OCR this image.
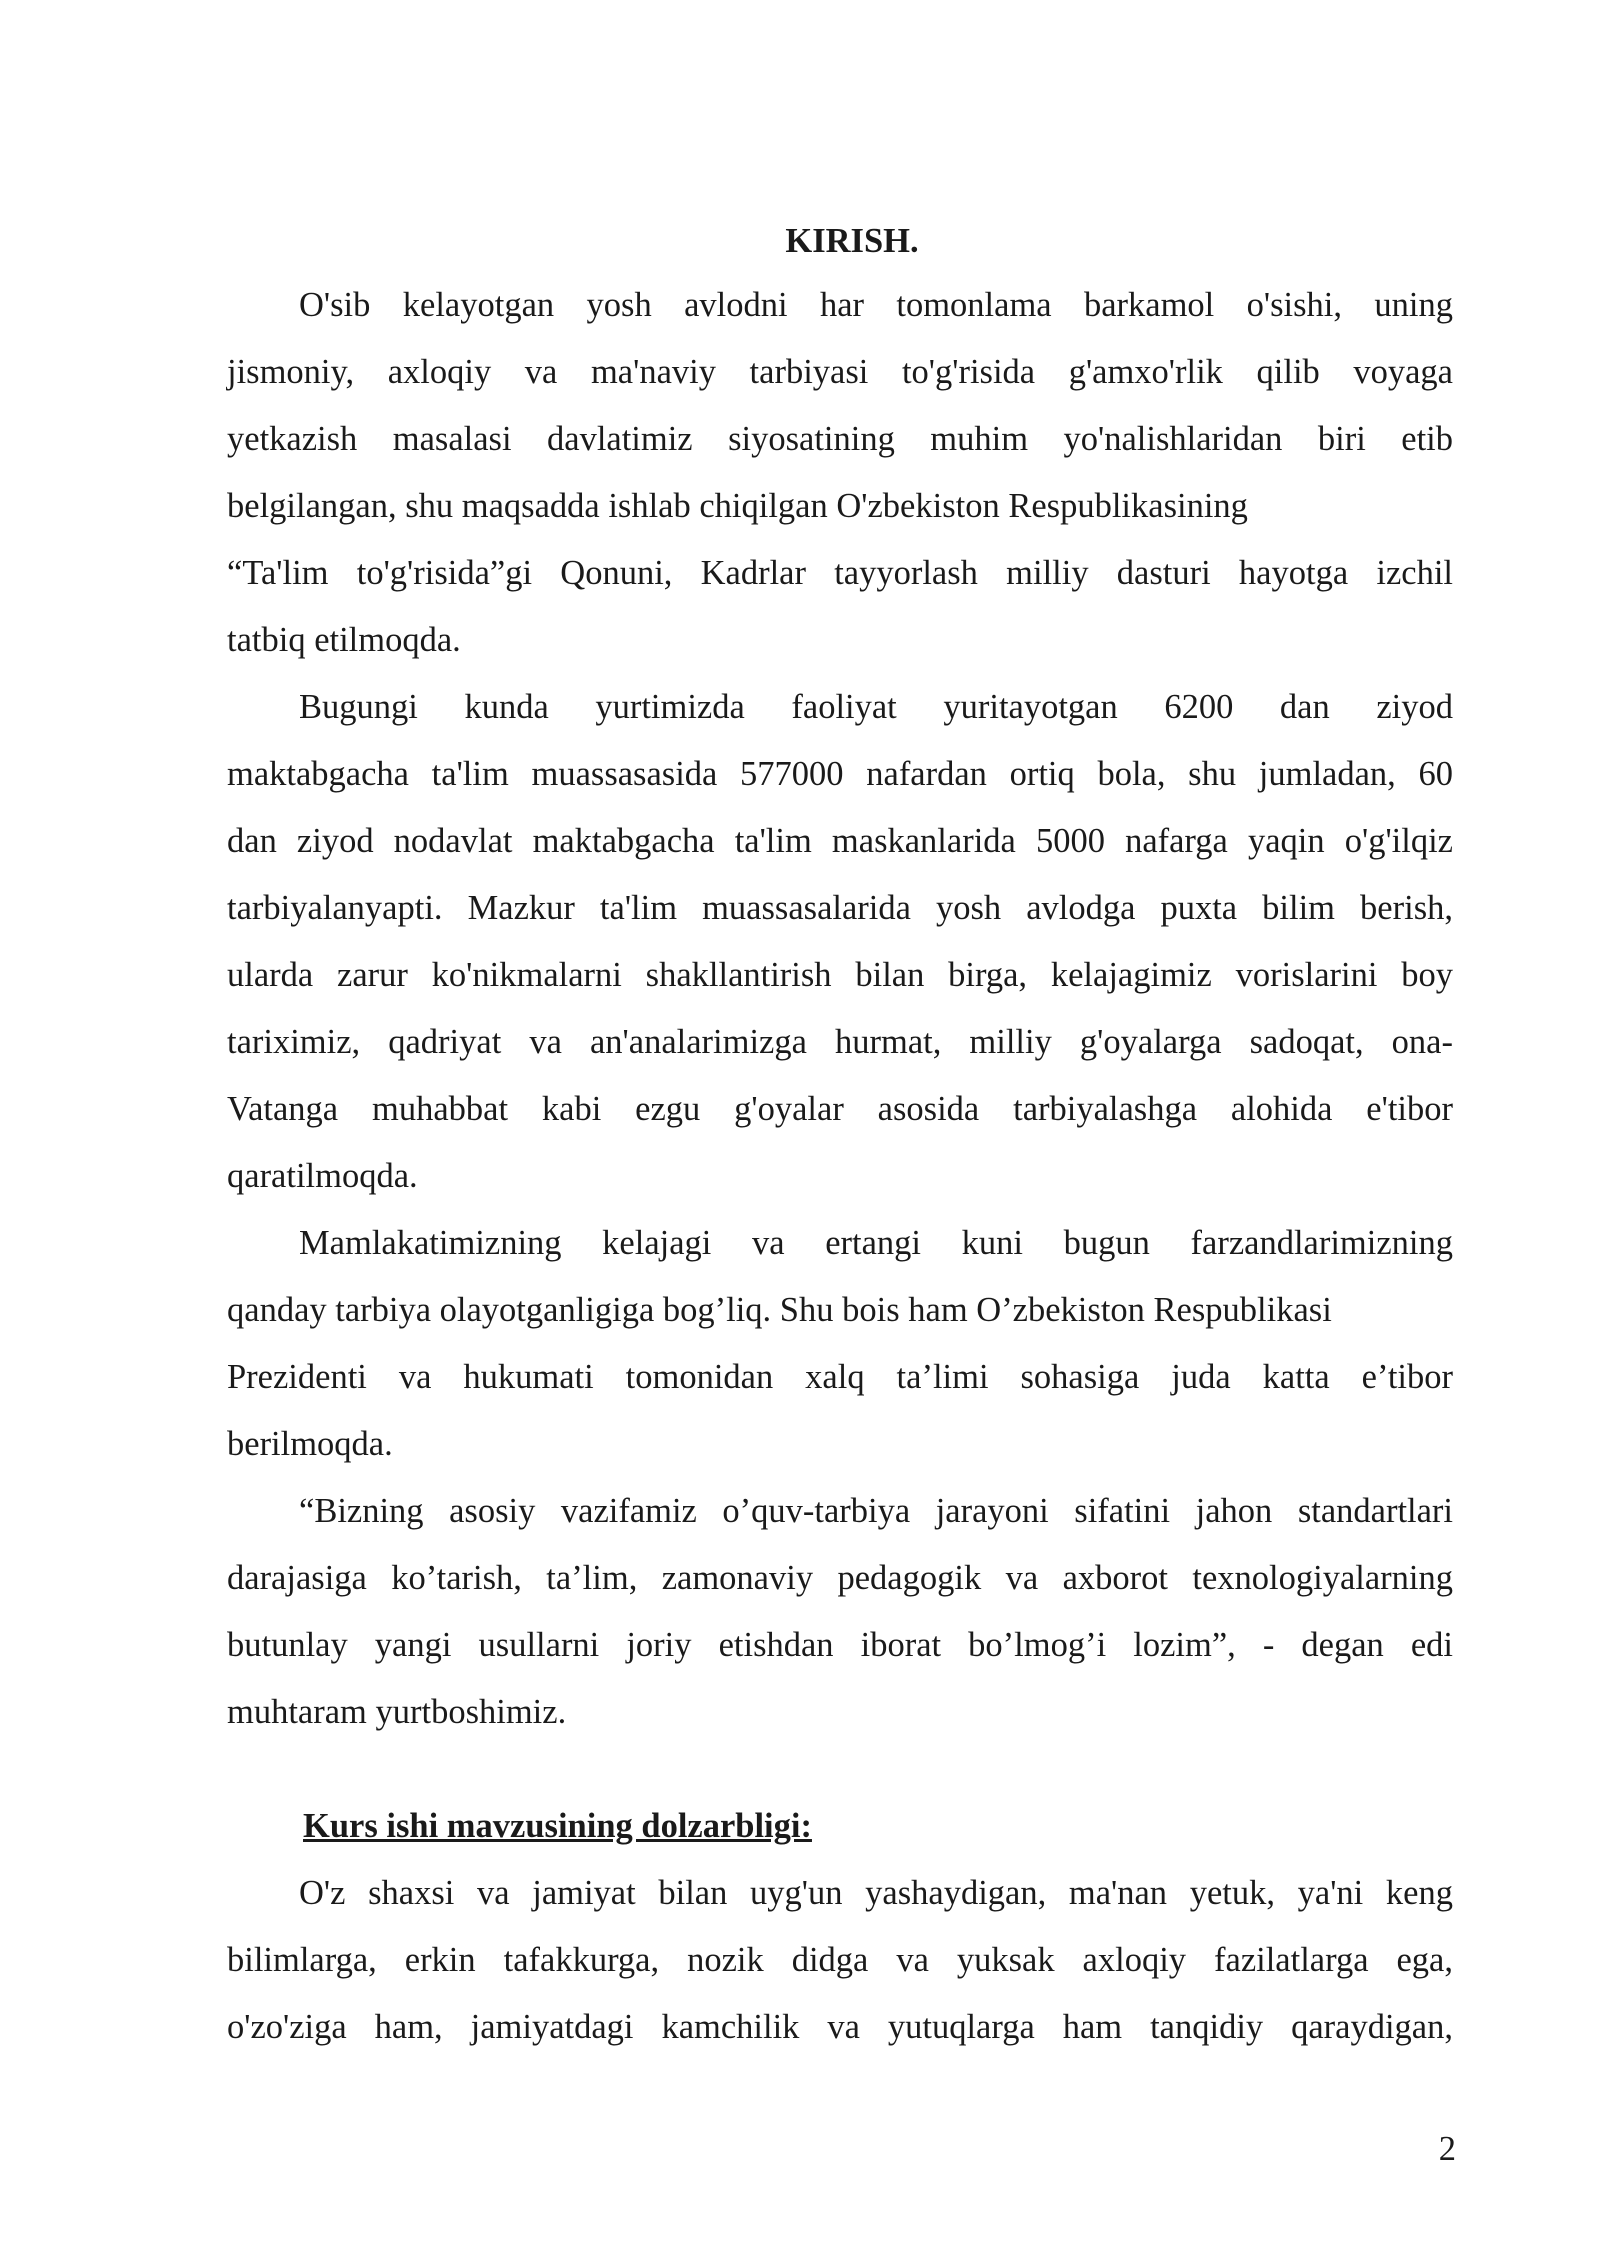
KIRISH.

O'sib kelayotgan yosh avlodni har tomonlama barkamol o'sishi, uning
jismoniy, axloqiy va ma'naviy tarbiyasi to'g'risida g'amxo'rlik qilib voyaga
yetkazish masalasi davlatimiz siyosatining muhim yo'nalishlaridan biri etib
belgilangan, shu maqsadda ishlab chiqilgan O'zbekiston Respublikasining
“Ta'lim to'g'risida”gi Qonuni, Kadrlar tayyorlash milliy dasturi hayotga izchil
tatbiq etilmoqda.
Bugungi kunda yurtimizda faoliyat yuritayotgan 6200 dan ziyod
maktabgacha ta'lim muassasasida 577000 nafardan ortiq bola, shu jumladan, 60
dan ziyod nodavlat maktabgacha ta'lim maskanlarida 5000 nafarga yaqin o'g'ilqiz
tarbiyalanyapti. Mazkur ta'lim muassasalarida yosh avlodga puxta bilim berish,
ularda zarur ko'nikmalarni shakllantirish bilan birga, kelajagimiz vorislarini boy
tariximiz, qadriyat va an'analarimizga hurmat, milliy g'oyalarga sadoqat, ona-
Vatanga muhabbat kabi ezgu g'oyalar asosida tarbiyalashga alohida e'tibor
qaratilmoqda.
Mamlakatimizning kelajagi va ertangi kuni bugun farzandlarimizning
qanday tarbiya olayotganligiga bog’liq. Shu bois ham O’zbekiston Respublikasi
Prezidenti va hukumati tomonidan xalq ta’limi sohasiga juda katta e’tibor
berilmoqda.
“Bizning asosiy vazifamiz o’quv-tarbiya jarayoni sifatini jahon standartlari
darajasiga ko’tarish, ta’lim, zamonaviy pedagogik va axborot texnologiyalarning
butunlay yangi usullarni joriy etishdan iborat bo’lmog’i lozim”, - degan edi
muhtaram yurtboshimiz.

Kurs ishi mavzusining dolzarbligi:

O'z shaxsi va jamiyat bilan uyg'un yashaydigan, ma'nan yetuk, ya'ni keng
bilimlarga, erkin tafakkurga, nozik didga va yuksak axloqiy fazilatlarga ega,
o'zo'ziga ham, jamiyatdagi kamchilik va yutuqlarga ham tanqidiy qaraydigan,
2
